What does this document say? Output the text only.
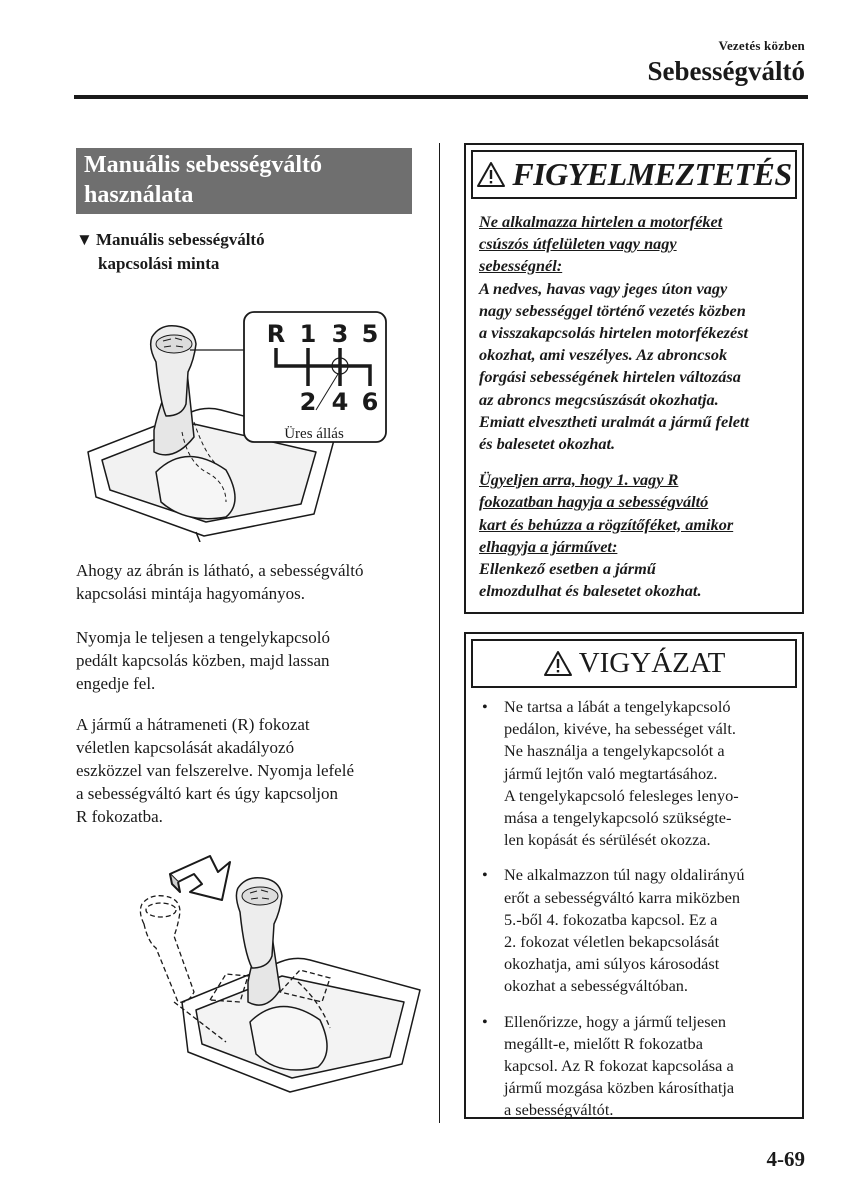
Vezetés közben
Sebességváltó
Manuális sebességváltó
használata
▼ Manuális sebességváltó
kapcsolási minta
R 1 3 5
2 4 6
Üres állás
Ahogy az ábrán is látható, a sebességváltó
kapcsolási mintája hagyományos.
Nyomja le teljesen a tengelykapcsoló
pedált kapcsolás közben, majd lassan
engedje fel.
A jármű a hátrameneti (R) fokozat
véletlen kapcsolását akadályozó
eszközzel van felszerelve. Nyomja lefelé
a sebességváltó kart és úgy kapcsoljon
R fokozatba.
FIGYELMEZTETÉS

Ne alkalmazza hirtelen a motorféket
csúszós útfelületen vagy nagy
sebességnél:
A nedves, havas vagy jeges úton vagy
nagy sebességgel történő vezetés közben
a visszakapcsolás hirtelen motorfékezést
okozhat, ami veszélyes. Az abroncsok
forgási sebességének hirtelen változása
az abroncs megcsúszását okozhatja.
Emiatt elvesztheti uralmát a jármű felett
és balesetet okozhat.

Ügyeljen arra, hogy 1. vagy R
fokozatban hagyja a sebességváltó
kart és behúzza a rögzítőféket, amikor
elhagyja a járművet:
Ellenkező esetben a jármű
elmozdulhat és balesetet okozhat.

VIGYÁZAT
• Ne tartsa a lábát a tengelykapcsoló
pedálon, kivéve, ha sebességet vált.
Ne használja a tengelykapcsolót a
jármű lejtőn való megtartásához.
A tengelykapcsoló felesleges lenyo-
mása a tengelykapcsoló szükségte-
len kopását és sérülését okozza.
• Ne alkalmazzon túl nagy oldalirányú
erőt a sebességváltó karra miközben
5.-ből 4. fokozatba kapcsol. Ez a
2. fokozat véletlen bekapcsolását
okozhatja, ami súlyos károsodást
okozhat a sebességváltóban.
• Ellenőrizze, hogy a jármű teljesen
megállt-e, mielőtt R fokozatba
kapcsol. Az R fokozat kapcsolása a
jármű mozgása közben károsíthatja
a sebességváltót.
4-69
